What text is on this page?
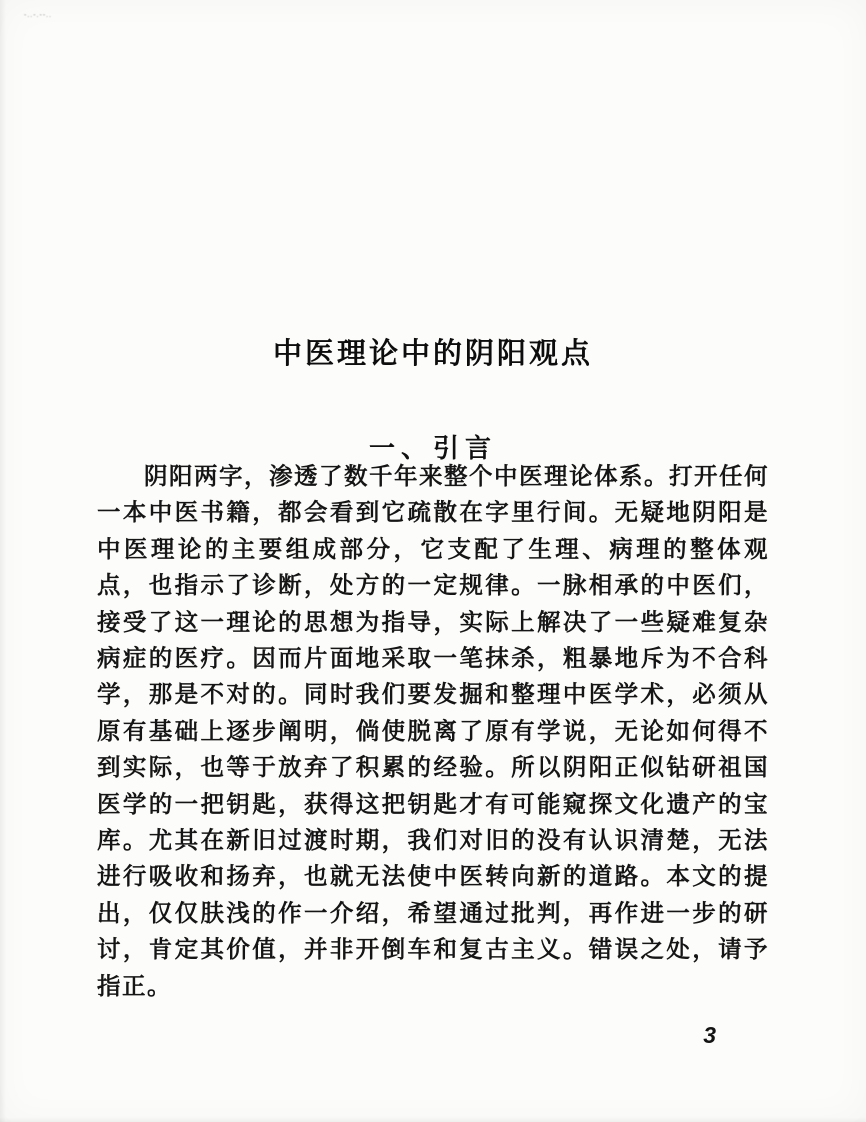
-..-.--..
中医理论中的阴阳观点
一、引言

阴阳两字，渗透了数千年来整个中医理论体系。打开任何一本中医书籍，都会看到它疏散在字里行间。无疑地阴阳是中医理论的主要组成部分，它支配了生理、病理的整体观点，也指示了诊断，处方的一定规律。一脉相承的中医们，接受了这一理论的思想为指导，实际上解决了一些疑难复杂病症的医疗。因而片面地采取一笔抹杀，粗暴地斥为不合科学，那是不对的。同时我们要发掘和整理中医学术，必须从原有基础上逐步阐明，倘使脱离了原有学说，无论如何得不到实际，也等于放弃了积累的经验。所以阴阳正似钻研祖国医学的一把钥匙，获得这把钥匙才有可能窥探文化遗产的宝库。尤其在新旧过渡时期，我们对旧的没有认识清楚，无法进行吸收和扬弃，也就无法使中医转向新的道路。本文的提出，仅仅肤浅的作一介绍，希望通过批判，再作进一步的研讨，肯定其价值，并非开倒车和复古主义。错误之处，请予指正。

3
